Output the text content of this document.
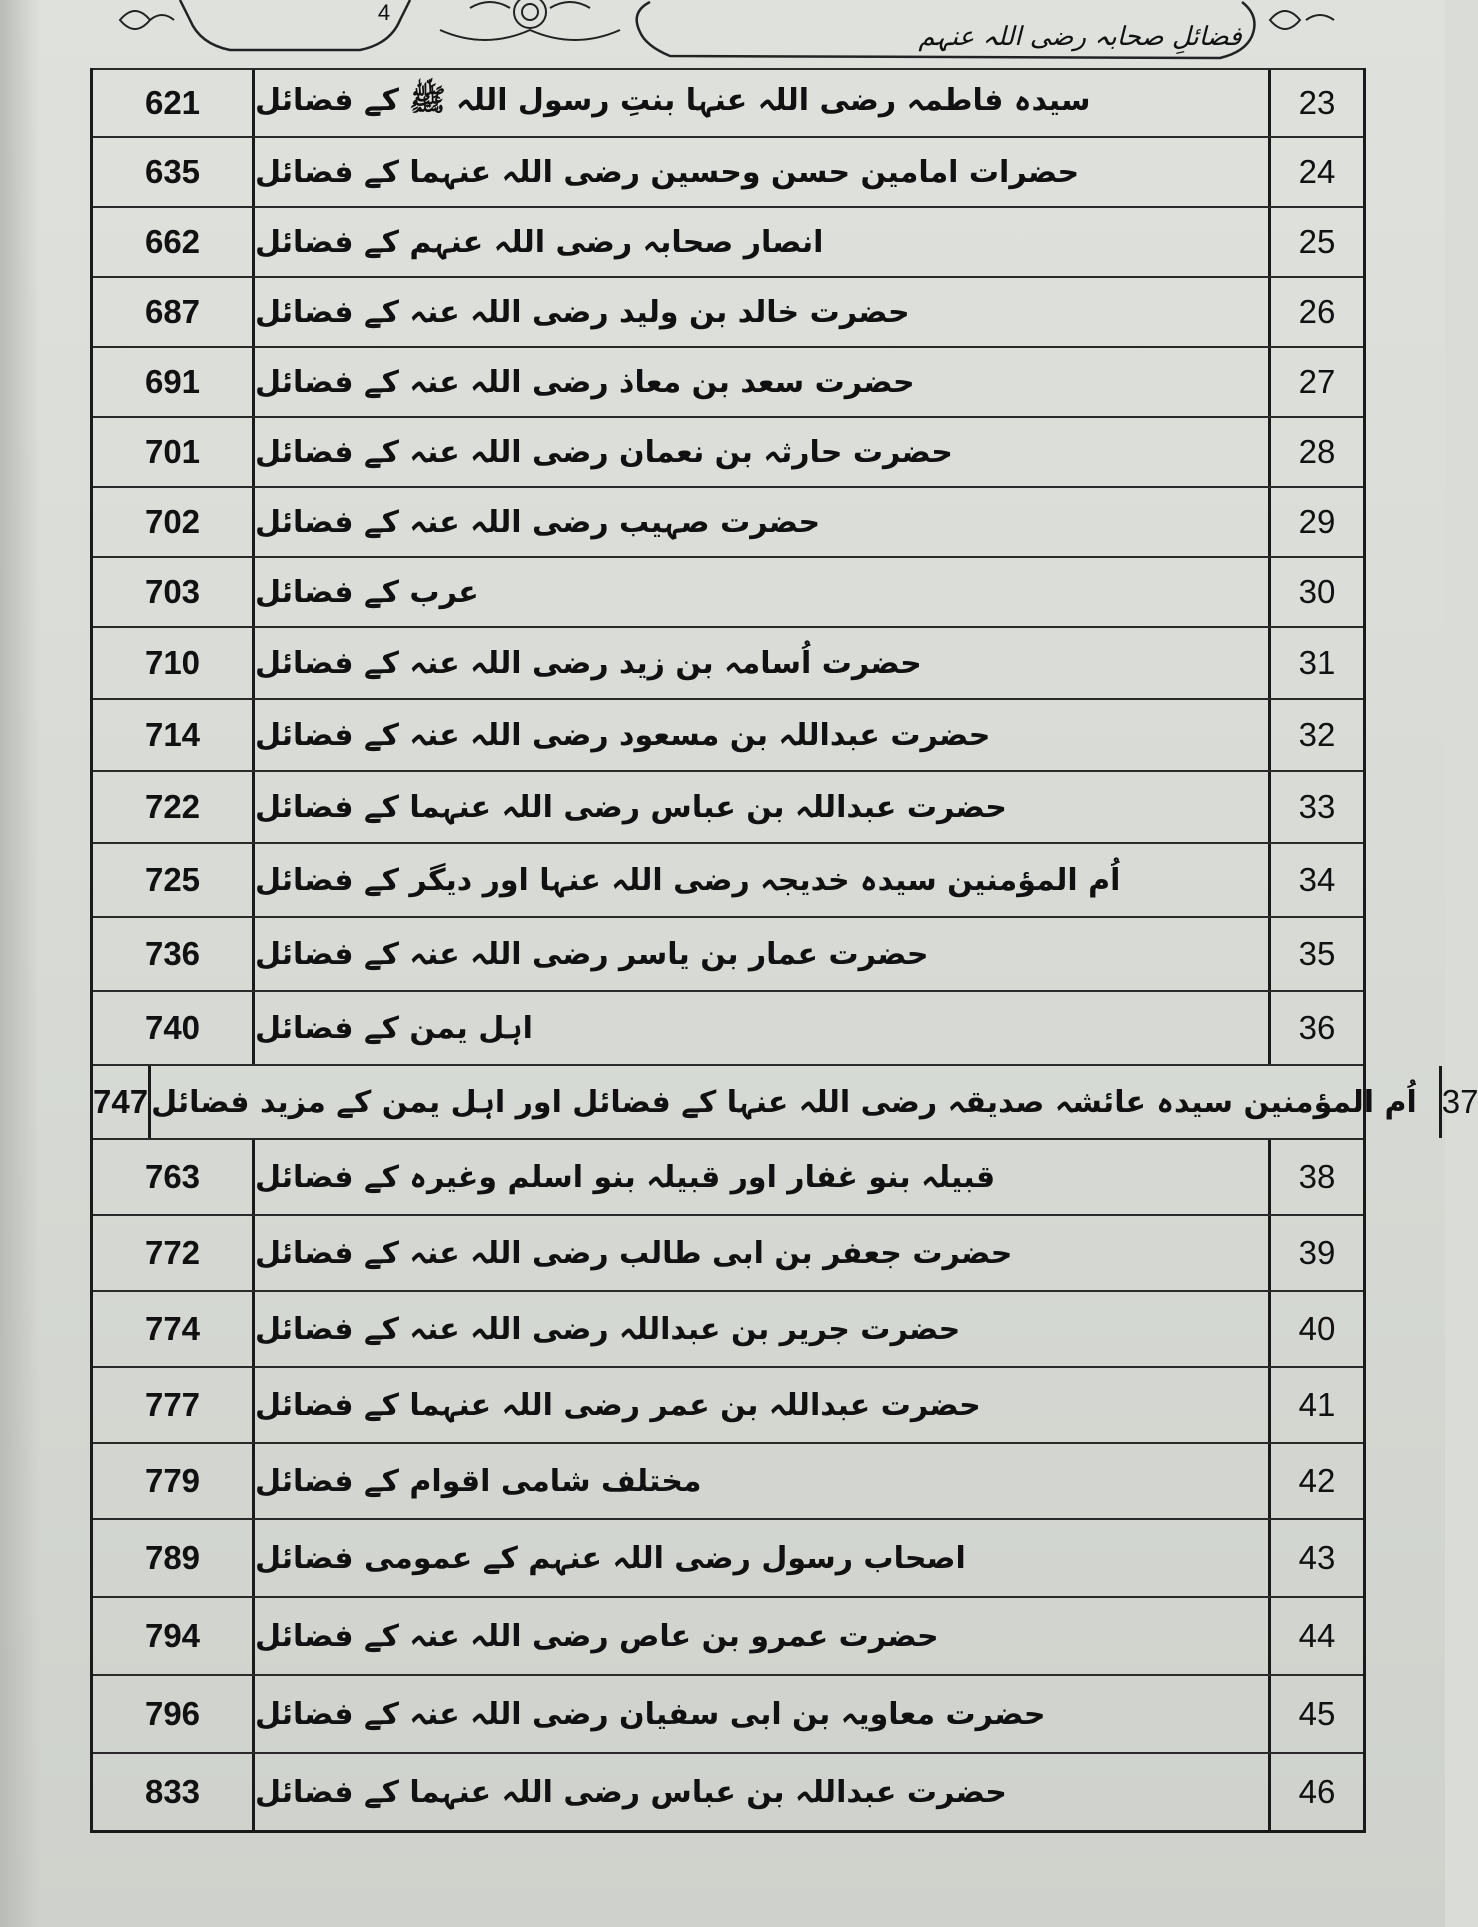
4
فضائلِ صحابہ رضی اللہ عنہم
621	سیدہ فاطمہ رضی اللہ عنہا بنتِ رسول اللہ ﷺ کے فضائل	23
635	حضرات امامین حسن وحسین رضی اللہ عنہما کے فضائل	24
662	انصار صحابہ رضی اللہ عنہم کے فضائل	25
687	حضرت خالد بن ولید رضی اللہ عنہ کے فضائل	26
691	حضرت سعد بن معاذ رضی اللہ عنہ کے فضائل	27
701	حضرت حارثہ بن نعمان رضی اللہ عنہ کے فضائل	28
702	حضرت صہیب رضی اللہ عنہ کے فضائل	29
703	عرب کے فضائل	30
710	حضرت اُسامہ بن زید رضی اللہ عنہ کے فضائل	31
714	حضرت عبداللہ بن مسعود رضی اللہ عنہ کے فضائل	32
722	حضرت عبداللہ بن عباس رضی اللہ عنہما کے فضائل	33
725	اُم المؤمنین سیدہ خدیجہ رضی اللہ عنہا اور دیگر کے فضائل	34
736	حضرت عمار بن یاسر رضی اللہ عنہ کے فضائل	35
740	اہل یمن کے فضائل	36
747 اُم المؤمنین سیدہ عائشہ صدیقہ رضی اللہ عنہا کے فضائل اور اہل یمن کے مزید فضائل 37
763	قبیلہ بنو غفار اور قبیلہ بنو اسلم وغیرہ کے فضائل	38
772	حضرت جعفر بن ابی طالب رضی اللہ عنہ کے فضائل	39
774	حضرت جریر بن عبداللہ رضی اللہ عنہ کے فضائل	40
777	حضرت عبداللہ بن عمر رضی اللہ عنہما کے فضائل	41
779	مختلف شامی اقوام کے فضائل	42
789	اصحاب رسول رضی اللہ عنہم کے عمومی فضائل	43
794	حضرت عمرو بن عاص رضی اللہ عنہ کے فضائل	44
796	حضرت معاویہ بن ابی سفیان رضی اللہ عنہ کے فضائل	45
833	حضرت عبداللہ بن عباس رضی اللہ عنہما کے فضائل	46
